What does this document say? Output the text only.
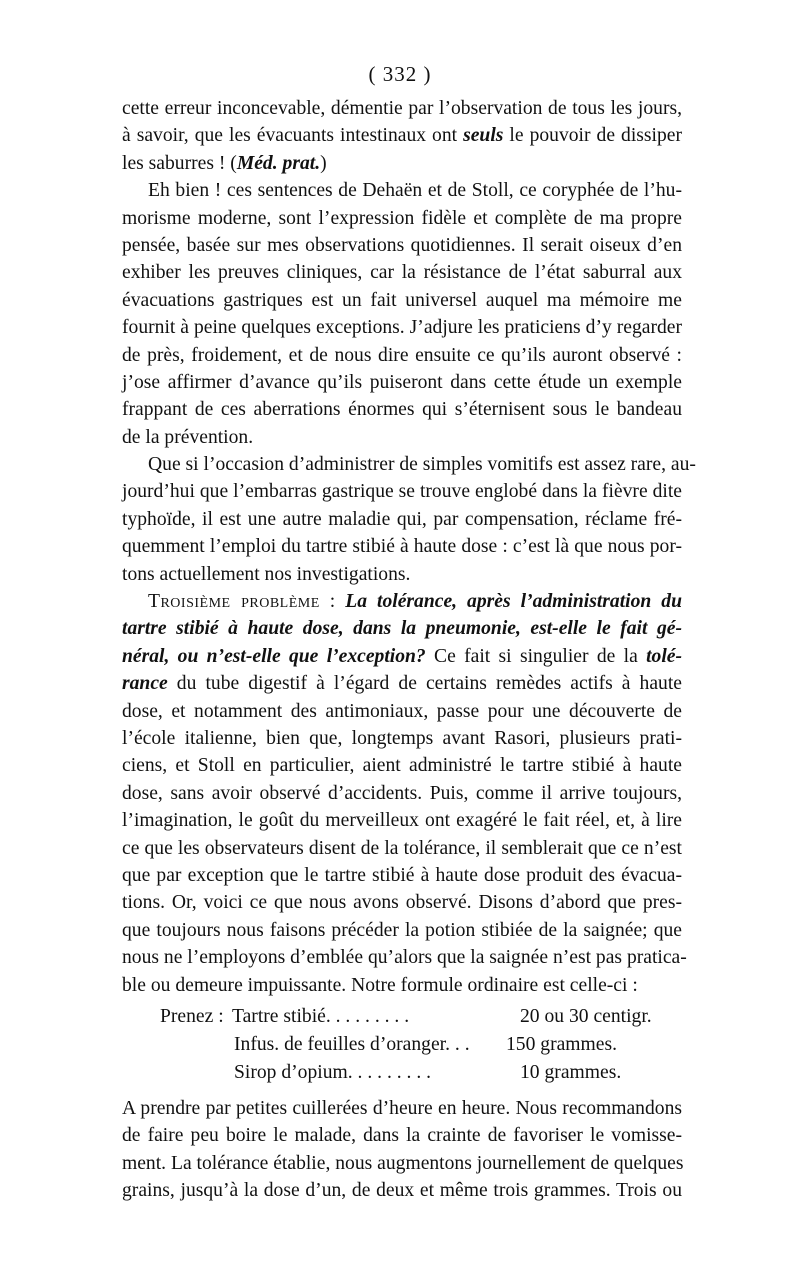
( 332 )
cette erreur inconcevable, démentie par l’observation de tous les jours,
à savoir, que les évacuants intestinaux ont seuls le pouvoir de dissiper
les saburres ! (Méd. prat.)
Eh bien ! ces sentences de Dehaën et de Stoll, ce coryphée de l’hu-
morisme moderne, sont l’expression fidèle et complète de ma propre
pensée, basée sur mes observations quotidiennes. Il serait oiseux d’en
exhiber les preuves cliniques, car la résistance de l’état saburral aux
évacuations gastriques est un fait universel auquel ma mémoire me
fournit à peine quelques exceptions. J’adjure les praticiens d’y regarder
de près, froidement, et de nous dire ensuite ce qu’ils auront observé :
j’ose affirmer d’avance qu’ils puiseront dans cette étude un exemple
frappant de ces aberrations énormes qui s’éternisent sous le bandeau
de la prévention.
Que si l’occasion d’administrer de simples vomitifs est assez rare, au-
jourd’hui que l’embarras gastrique se trouve englobé dans la fièvre dite
typhoïde, il est une autre maladie qui, par compensation, réclame fré-
quemment l’emploi du tartre stibié à haute dose : c’est là que nous por-
tons actuellement nos investigations.
Troisième problème : La tolérance, après l’administration du
tartre stibié à haute dose, dans la pneumonie, est-elle le fait gé-
néral, ou n’est-elle que l’exception? Ce fait si singulier de la tolé-
rance du tube digestif à l’égard de certains remèdes actifs à haute
dose, et notamment des antimoniaux, passe pour une découverte de
l’école italienne, bien que, longtemps avant Rasori, plusieurs prati-
ciens, et Stoll en particulier, aient administré le tartre stibié à haute
dose, sans avoir observé d’accidents. Puis, comme il arrive toujours,
l’imagination, le goût du merveilleux ont exagéré le fait réel, et, à lire
ce que les observateurs disent de la tolérance, il semblerait que ce n’est
que par exception que le tartre stibié à haute dose produit des évacua-
tions. Or, voici ce que nous avons observé. Disons d’abord que pres-
que toujours nous faisons précéder la potion stibiée de la saignée; que
nous ne l’employons d’emblée qu’alors que la saignée n’est pas pratica-
ble ou demeure impuissante. Notre formule ordinaire est celle-ci :
Prenez : Tartre stibié. . . . . . . . .	20 ou 30 centigr.
Infus. de feuilles d’oranger. . . 150 grammes.
Sirop d’opium. . . . . . . . .	10 grammes.
A prendre par petites cuillerées d’heure en heure. Nous recommandons
de faire peu boire le malade, dans la crainte de favoriser le vomisse-
ment. La tolérance établie, nous augmentons journellement de quelques
grains, jusqu’à la dose d’un, de deux et même trois grammes. Trois ou
